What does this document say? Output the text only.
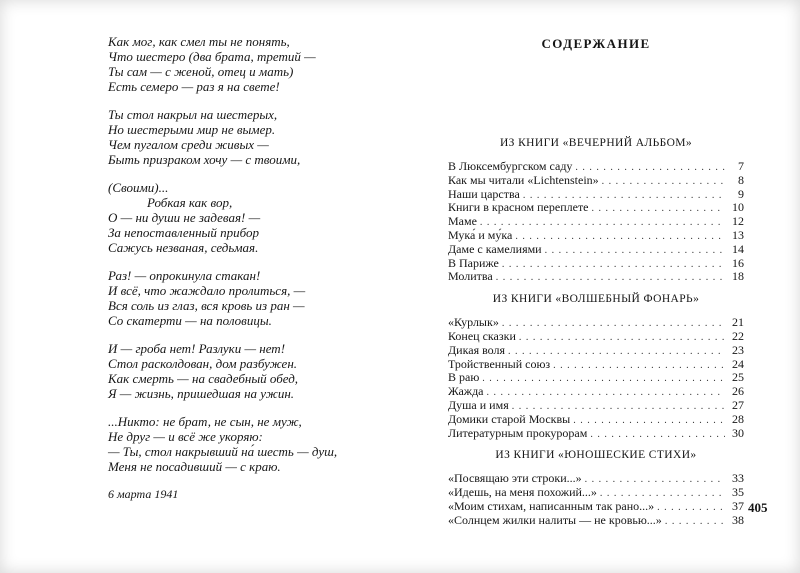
Как мог, как смел ты не понять,
Что шестеро (два брата, третий —
Ты сам — с женой, отец и мать)
Есть семеро — раз я на свете!
Ты стол накрыл на шестерых,
Но шестерыми мир не вымер.
Чем пугалом среди живых —
Быть призраком хочу — с твоими,
(Своими)...
Робкая как вор,
О — ни души не задевая! —
За непоставленный прибор
Сажусь незваная, седьмая.
Раз! — опрокинула стакан!
И всё, что жаждало пролиться, —
Вся соль из глаз, вся кровь из ран —
Со скатерти — на половицы.
И — гроба нет! Разлуки — нет!
Стол расколдован, дом разбужен.
Как смерть — на свадебный обед,
Я — жизнь, пришедшая на ужин.
...Никто: не брат, не сын, не муж,
Не друг — и всё же укоряю:
— Ты, стол накрывший на́ шесть — душ,
Меня не посадивший — с краю.
6 марта 1941
СОДЕРЖАНИЕ
ИЗ КНИГИ «ВЕЧЕРНИЙ АЛЬБОМ»
В Люксембургском саду . . .	7
Как мы читали «Lichtenstein» . . .	8
Наши царства . . .	9
Книги в красном переплете . . .	10
Маме . . .	12
Мука́ и му́ка . . .	13
Даме с камелиями . . .	14
В Париже . . .	16
Молитва . . .	18
ИЗ КНИГИ «ВОЛШЕБНЫЙ ФОНАРЬ»
«Курлык» . . .	21
Конец сказки . . .	22
Дикая воля . . .	23
Тройственный союз . . .	24
В раю . . .	25
Жажда . . .	26
Душа и имя . . .	27
Домики старой Москвы . . .	28
Литературным прокурорам . . .	30
ИЗ КНИГИ «ЮНОШЕСКИЕ СТИХИ»
«Посвящаю эти строки...» . . .	33
«Идешь, на меня похожий...» . . .	35
«Моим стихам, написанным так рано...» . . .	37
«Солнцем жилки налиты — не кровью...» . . .	38
405
